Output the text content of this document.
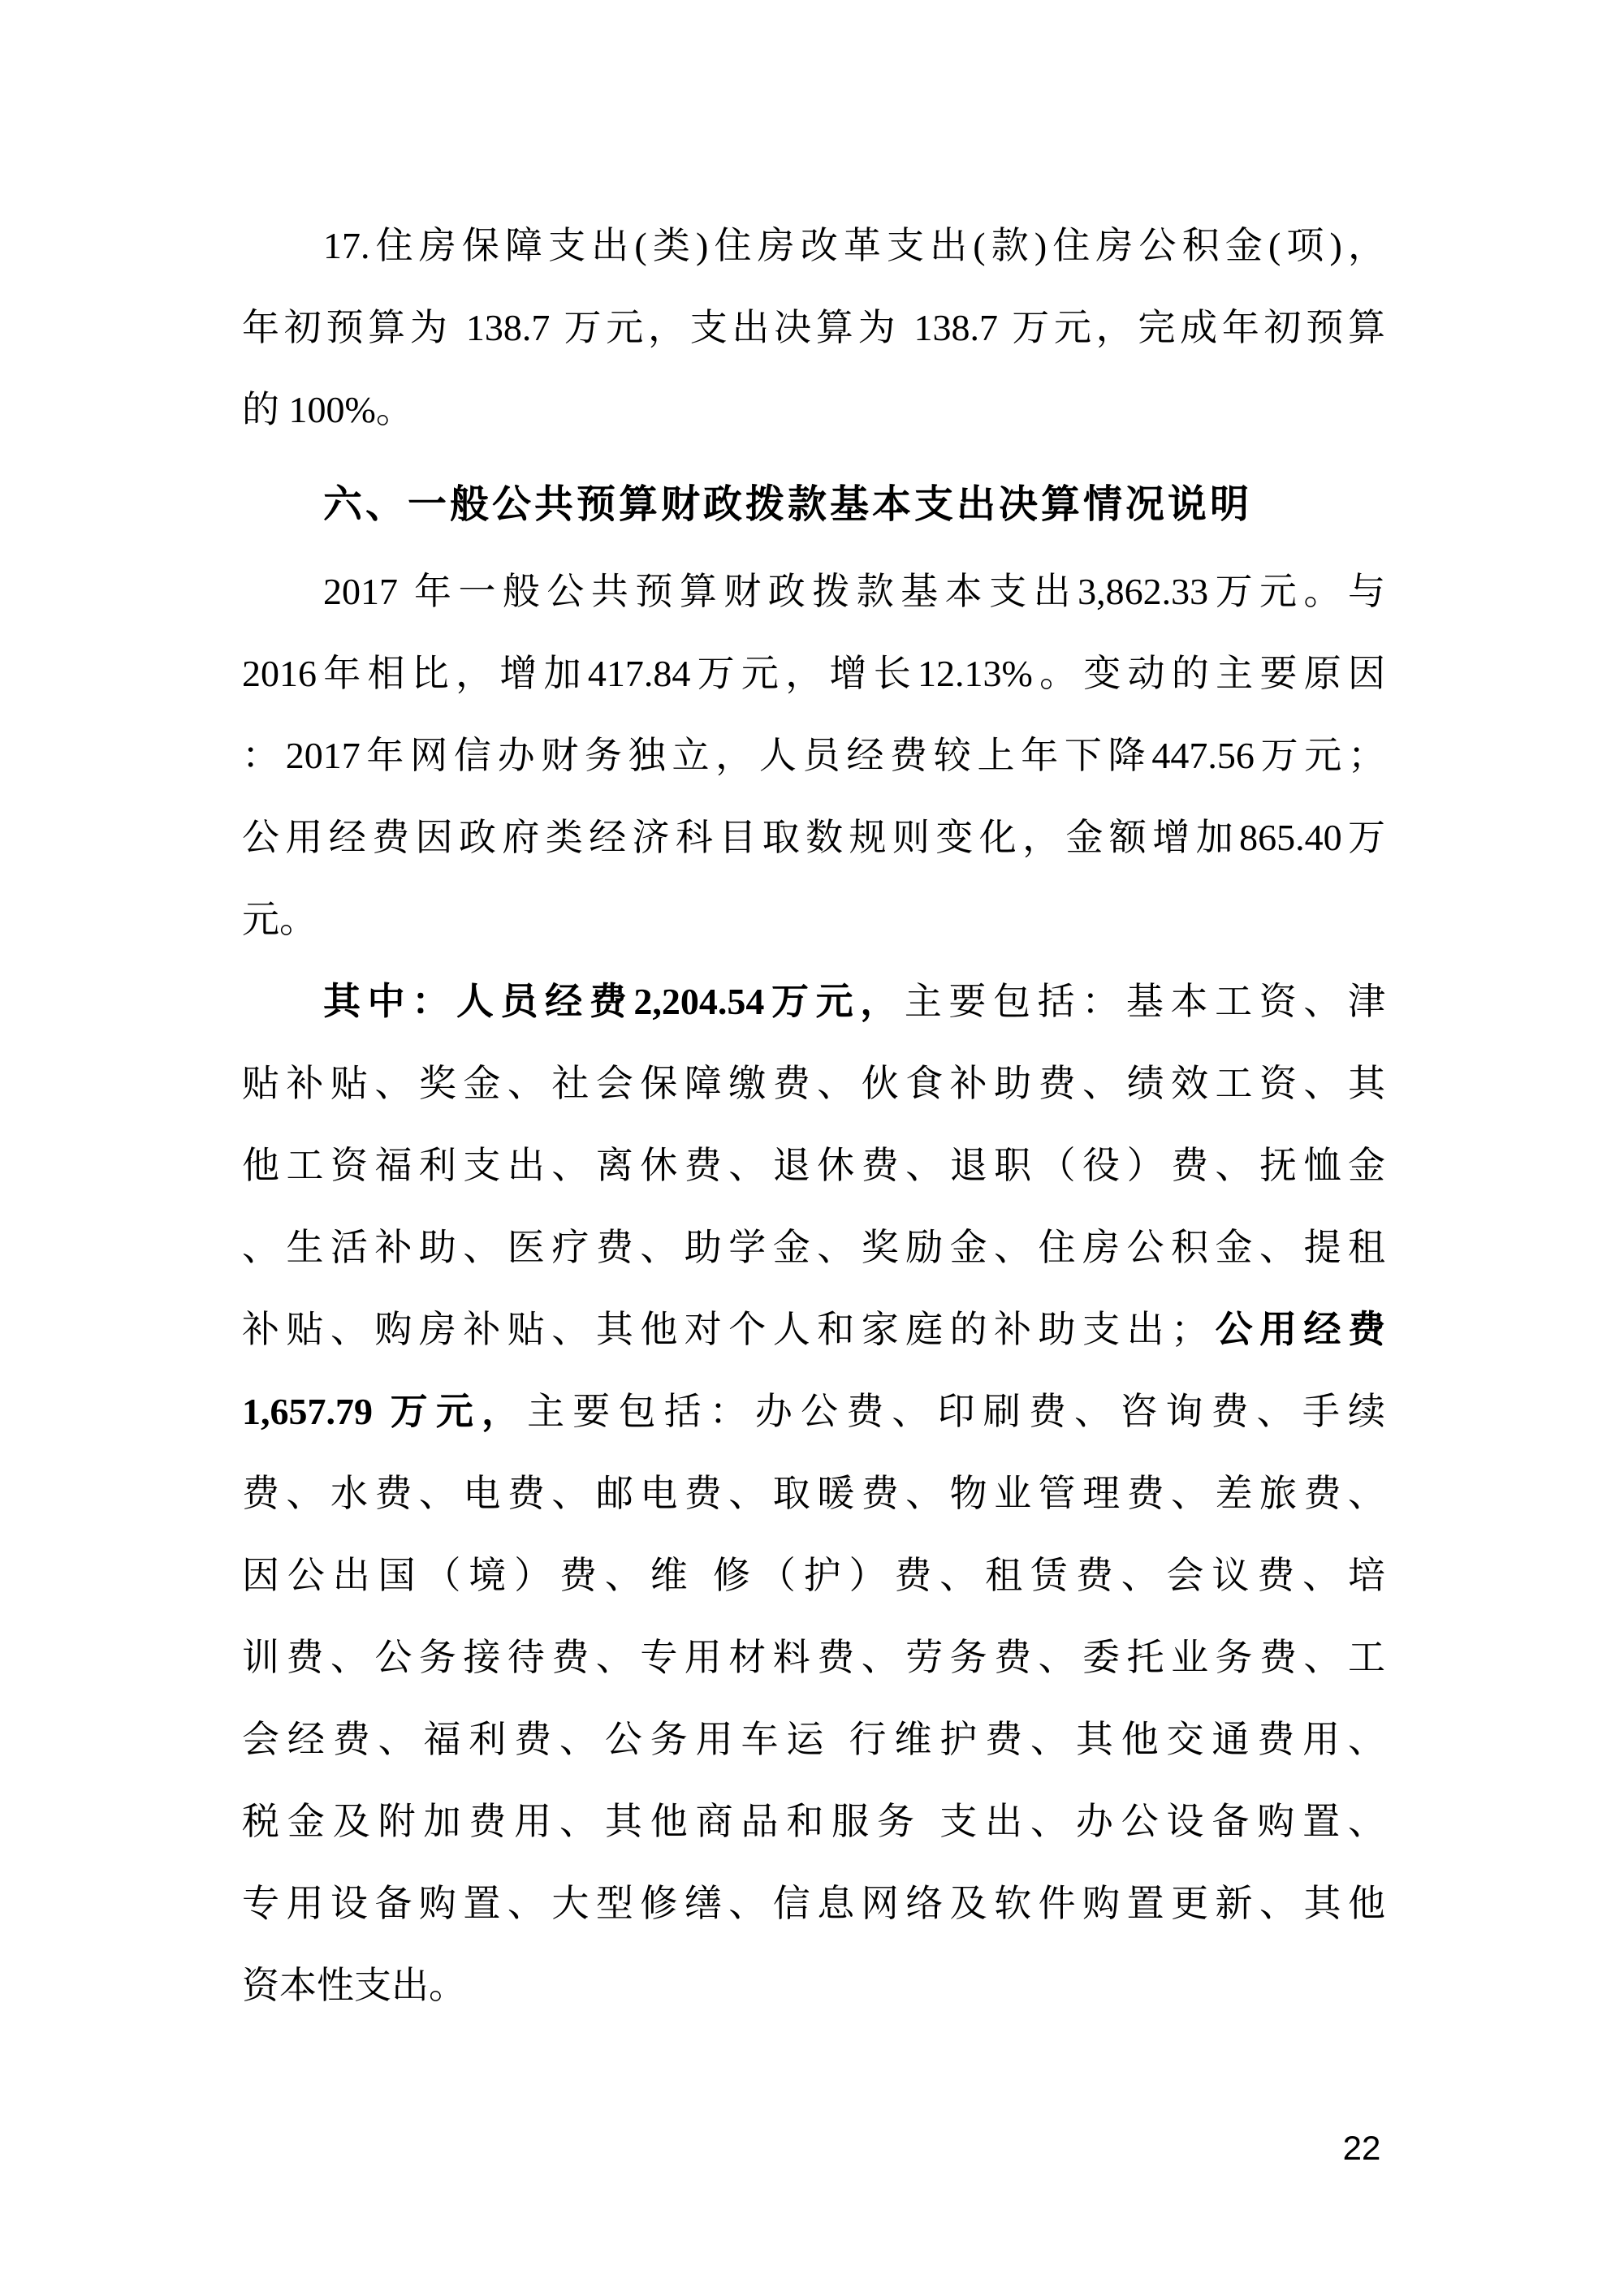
17.住房保障支出(类)住房改革支出(款)住房公积金(项)，
年初预算为 138.7 万元，支出决算为 138.7 万元，完成年初预算
的 100%。
六、一般公共预算财政拨款基本支出决算情况说明
2017 年一般公共预算财政拨款基本支出3,862.33万元。与
2016年相比，增加417.84万元，增长12.13%。变动的主要原因
：2017年网信办财务独立，人员经费较上年下降447.56万元；
公用经费因政府类经济科目取数规则变化，金额增加865.40万
元。
其中：人员经费2,204.54万元，主要包括：基本工资、津
贴补贴、奖金、社会保障缴费、伙食补助费、绩效工资、其
他工资福利支出、离休费、退休费、退职（役）费、抚恤金
、生活补助、医疗费、助学金、奖励金、住房公积金、提租
补贴、购房补贴、其他对个人和家庭的补助支出；公用经费
1,657.79 万元，主要包括：办公费、印刷费、咨询费、手续
费、水费、电费、邮电费、取暖费、物业管理费、差旅费、
因公出国（境）费、维 修（护）费、租赁费、会议费、培
训费、公务接待费、专用材料费、劳务费、委托业务费、工
会经费、福利费、公务用车运 行维护费、其他交通费用、
税金及附加费用、其他商品和服务 支出、办公设备购置、
专用设备购置、大型修缮、信息网络及软件购置更新、其他
资本性支出。
22
